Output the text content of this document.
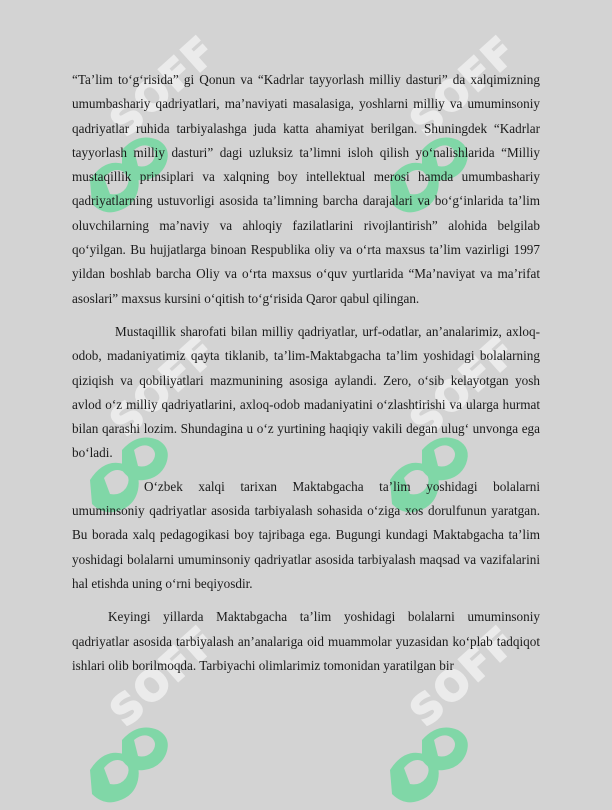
“Ta’lim to‘g‘risida” gi Qonun va “Kadrlar tayyorlash milliy dasturi” da xalqimizning umumbashariy qadriyatlari, ma’naviyati masalasiga, yoshlarni milliy va umuminsoniy qadriyatlar ruhida tarbiyalashga juda katta ahamiyat berilgan. Shuningdek “Kadrlar tayyorlash milliy dasturi” dagi uzluksiz ta’limni isloh qilish yo‘nalishlarida “Milliy mustaqillik prinsiplari va xalqning boy intellektual merosi hamda umumbashariy qadriyatlarning ustuvorligi asosida ta’limning barcha darajalari va bo‘g‘inlarida ta’lim oluvchilarning ma’naviy va ahloqiy fazilatlarini rivojlantirish” alohida belgilab qo‘yilgan. Bu hujjatlarga binoan Respublika oliy va o‘rta maxsus ta’lim vazirligi 1997 yildan boshlab barcha Oliy va o‘rta maxsus o‘quv yurtlarida “Ma’naviyat va ma’rifat asoslari” maxsus kursini o‘qitish to‘g‘risida Qaror qabul qilingan.

Mustaqillik sharofati bilan milliy qadriyatlar, urf-odatlar, an’analarimiz, axloq-odob, madaniyatimiz qayta tiklanib, ta’lim-Maktabgacha ta’lim yoshidagi bolalarning qiziqish va qobiliyatlari mazmunining asosiga aylandi. Zero, o‘sib kelayotgan yosh avlod o‘z milliy qadriyatlarini, axloq-odob madaniyatini o‘zlashtirishi va ularga hurmat bilan qarashi lozim. Shundagina u o‘z yurtining haqiqiy vakili degan ulug‘ unvonga ega bo‘ladi.

O‘zbek xalqi tarixan Maktabgacha ta’lim yoshidagi bolalarni umuminsoniy qadriyatlar asosida tarbiyalash sohasida o‘ziga xos dorulfunun yaratgan. Bu borada xalq pedagogikasi boy tajribaga ega. Bugungi kundagi Maktabgacha ta’lim yoshidagi bolalarni umuminsoniy qadriyatlar asosida tarbiyalash maqsad va vazifalarini hal etishda uning o‘rni beqiyosdir.

Keyingi yillarda Maktabgacha ta’lim yoshidagi bolalarni umuminsoniy qadriyatlar asosida tarbiyalash an’analariga oid muammolar yuzasidan ko‘plab tadqiqot ishlari olib borilmoqda. Tarbiyachi olimlarimiz tomonidan yaratilgan bir
